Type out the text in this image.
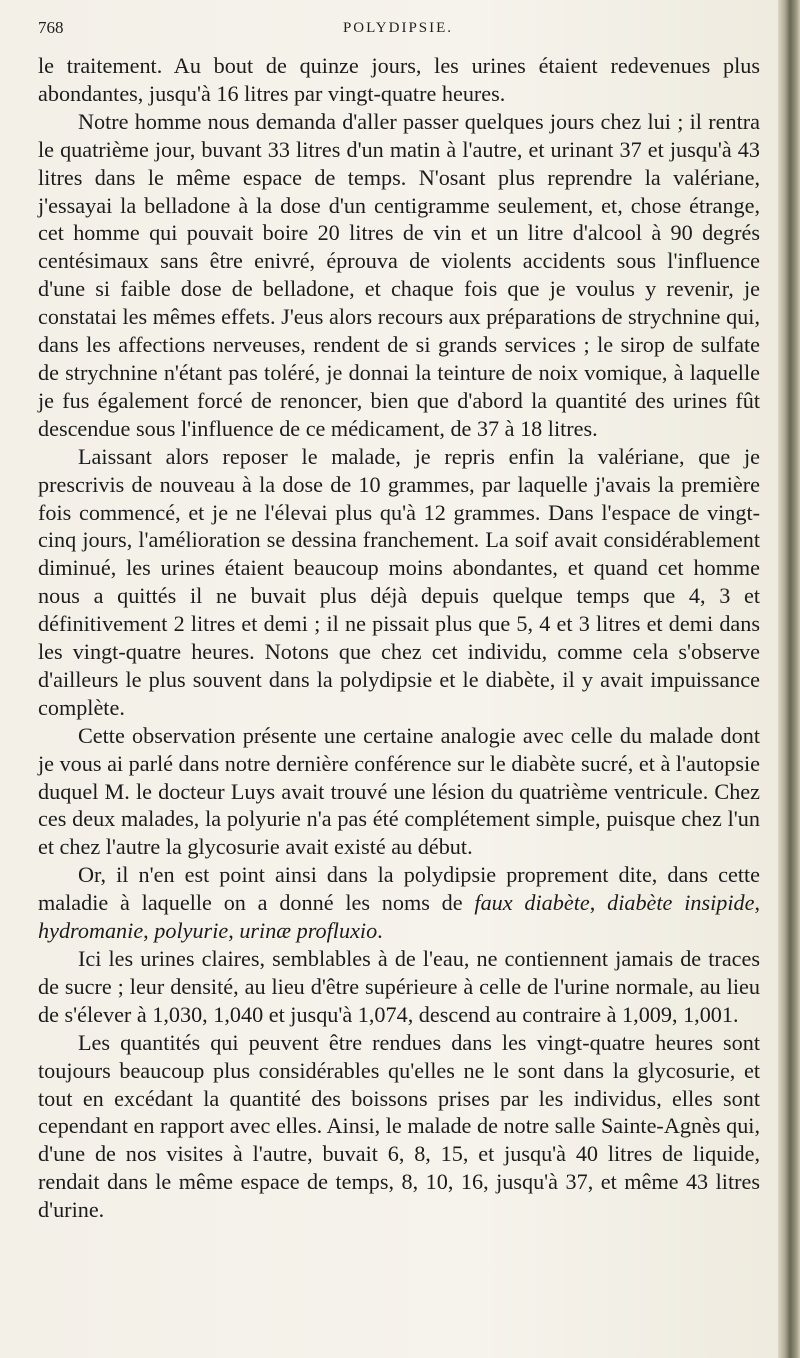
768	POLYDIPSIE.

le traitement. Au bout de quinze jours, les urines étaient redevenues plus abondantes, jusqu'à 16 litres par vingt-quatre heures.

Notre homme nous demanda d'aller passer quelques jours chez lui ; il rentra le quatrième jour, buvant 33 litres d'un matin à l'autre, et urinant 37 et jusqu'à 43 litres dans le même espace de temps. N'osant plus reprendre la valériane, j'essayai la belladone à la dose d'un centigramme seulement, et, chose étrange, cet homme qui pouvait boire 20 litres de vin et un litre d'alcool à 90 degrés centésimaux sans être enivré, éprouva de violents accidents sous l'influence d'une si faible dose de belladone, et chaque fois que je voulus y revenir, je constatai les mêmes effets. J'eus alors recours aux préparations de strychnine qui, dans les affections nerveuses, rendent de si grands services ; le sirop de sulfate de strychnine n'étant pas toléré, je donnai la teinture de noix vomique, à laquelle je fus également forcé de renoncer, bien que d'abord la quantité des urines fût descendue sous l'influence de ce médicament, de 37 à 18 litres.

Laissant alors reposer le malade, je repris enfin la valériane, que je prescrivis de nouveau à la dose de 10 grammes, par laquelle j'avais la première fois commencé, et je ne l'élevai plus qu'à 12 grammes. Dans l'espace de vingt-cinq jours, l'amélioration se dessina franchement. La soif avait considérablement diminué, les urines étaient beaucoup moins abondantes, et quand cet homme nous a quittés il ne buvait plus déjà depuis quelque temps que 4, 3 et définitivement 2 litres et demi ; il ne pissait plus que 5, 4 et 3 litres et demi dans les vingt-quatre heures. Notons que chez cet individu, comme cela s'observe d'ailleurs le plus souvent dans la polydipsie et le diabète, il y avait impuissance complète.

Cette observation présente une certaine analogie avec celle du malade dont je vous ai parlé dans notre dernière conférence sur le diabète sucré, et à l'autopsie duquel M. le docteur Luys avait trouvé une lésion du quatrième ventricule. Chez ces deux malades, la polyurie n'a pas été complétement simple, puisque chez l'un et chez l'autre la glycosurie avait existé au début.

Or, il n'en est point ainsi dans la polydipsie proprement dite, dans cette maladie à laquelle on a donné les noms de faux diabète, diabète insipide, hydromanie, polyurie, urinæ profluxio.

Ici les urines claires, semblables à de l'eau, ne contiennent jamais de traces de sucre ; leur densité, au lieu d'être supérieure à celle de l'urine normale, au lieu de s'élever à 1,030, 1,040 et jusqu'à 1,074, descend au contraire à 1,009, 1,001.

Les quantités qui peuvent être rendues dans les vingt-quatre heures sont toujours beaucoup plus considérables qu'elles ne le sont dans la glycosurie, et tout en excédant la quantité des boissons prises par les individus, elles sont cependant en rapport avec elles. Ainsi, le malade de notre salle Sainte-Agnès qui, d'une de nos visites à l'autre, buvait 6, 8, 15, et jusqu'à 40 litres de liquide, rendait dans le même espace de temps, 8, 10, 16, jusqu'à 37, et même 43 litres d'urine.
